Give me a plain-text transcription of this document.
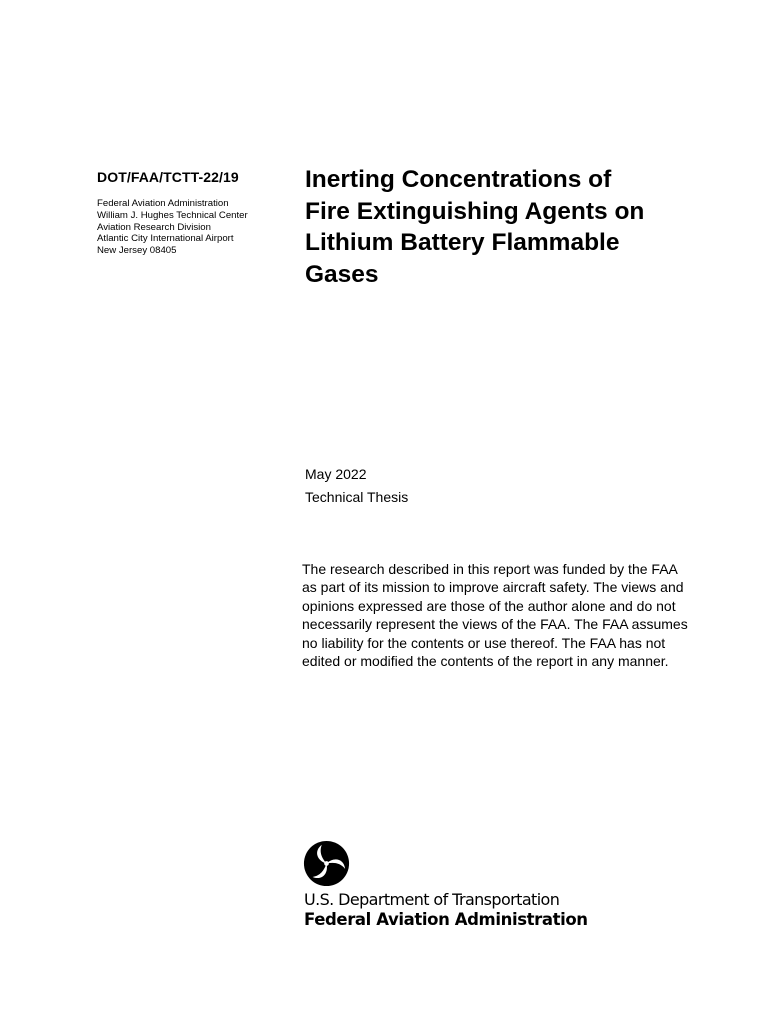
DOT/FAA/TCTT-22/19
Federal Aviation Administration
William J. Hughes Technical Center
Aviation Research Division
Atlantic City International Airport
New Jersey 08405
Inerting Concentrations of
Fire Extinguishing Agents on
Lithium Battery Flammable
Gases
May 2022
Technical Thesis
The research described in this report was funded by the FAA
as part of its mission to improve aircraft safety. The views and
opinions expressed are those of the author alone and do not
necessarily represent the views of the FAA. The FAA assumes
no liability for the contents or use thereof. The FAA has not
edited or modified the contents of the report in any manner.
U.S. Department of Transportation
Federal Aviation Administration
